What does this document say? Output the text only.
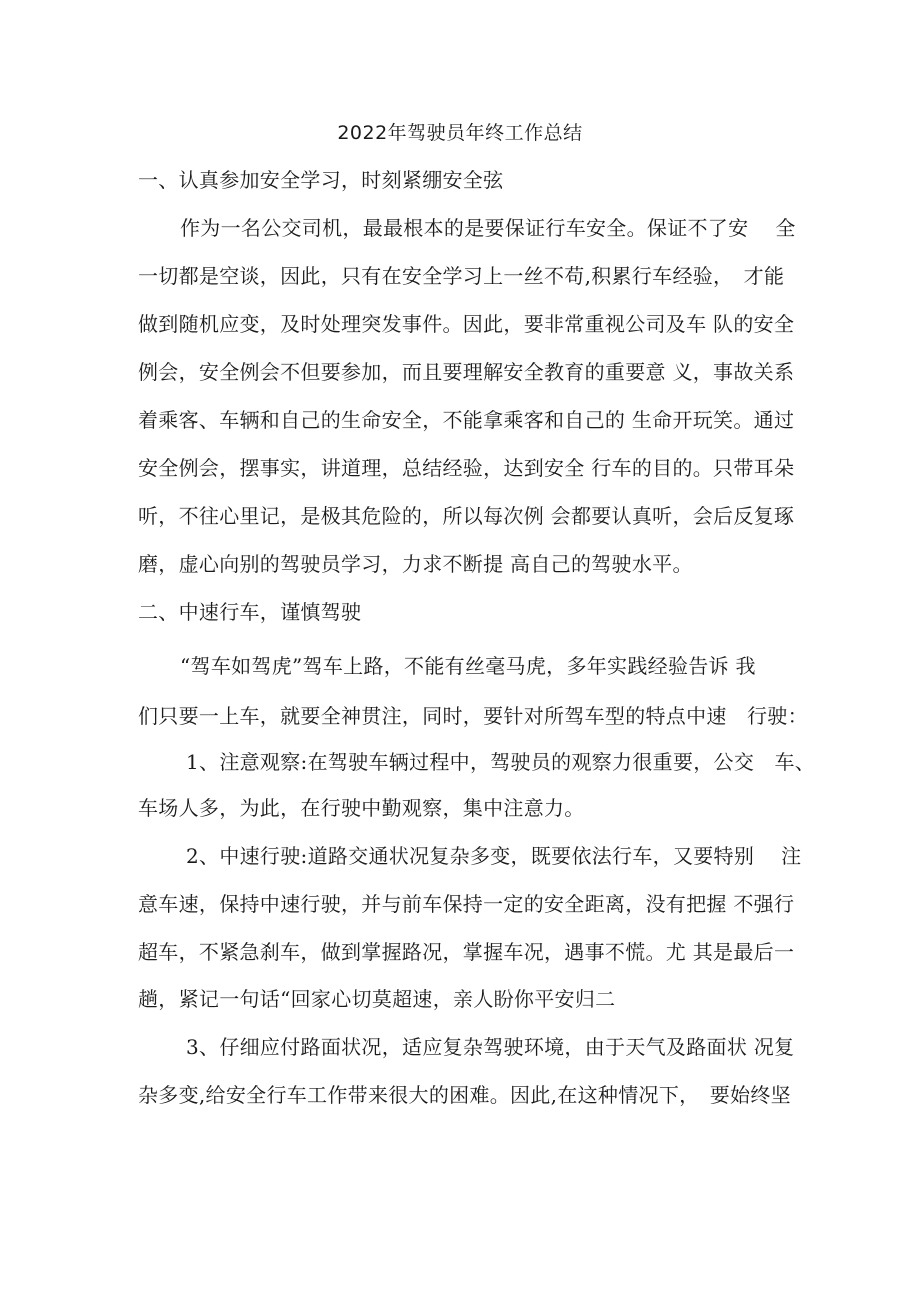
2022年驾驶员年终工作总结
一、认真参加安全学习，时刻紧绷安全弦
作为一名公交司机，最最根本的是要保证行车安全。保证不了安　 全
一切都是空谈，因此，只有在安全学习上一丝不苟,积累行车经验，　才能
做到随机应变，及时处理突发事件。因此，要非常重视公司及车 队的安全
例会，安全例会不但要参加，而且要理解安全教育的重要意 义，事故关系
着乘客、车辆和自己的生命安全，不能拿乘客和自己的 生命开玩笑。通过
安全例会，摆事实，讲道理，总结经验，达到安全 行车的目的。只带耳朵
听，不往心里记，是极其危险的，所以每次例 会都要认真听，会后反复琢
磨，虚心向别的驾驶员学习，力求不断提 高自己的驾驶水平。
二、中速行车，谨慎驾驶
“驾车如驾虎”驾车上路，不能有丝毫马虎，多年实践经验告诉 我
们只要一上车，就要全神贯注，同时，要针对所驾车型的特点中速　行驶：
1、注意观察:在驾驶车辆过程中，驾驶员的观察力很重要，公交　车、
车场人多，为此，在行驶中勤观察，集中注意力。
2、中速行驶:道路交通状况复杂多变，既要依法行车，又要特别　 注
意车速，保持中速行驶，并与前车保持一定的安全距离，没有把握 不强行
超车，不紧急刹车，做到掌握路况，掌握车况，遇事不慌。尤 其是最后一
趟，紧记一句话“回家心切莫超速，亲人盼你平安归二
3、仔细应付路面状况，适应复杂驾驶环境，由于天气及路面状 况复
杂多变,给安全行车工作带来很大的困难。因此,在这种情况下，　要始终坚
